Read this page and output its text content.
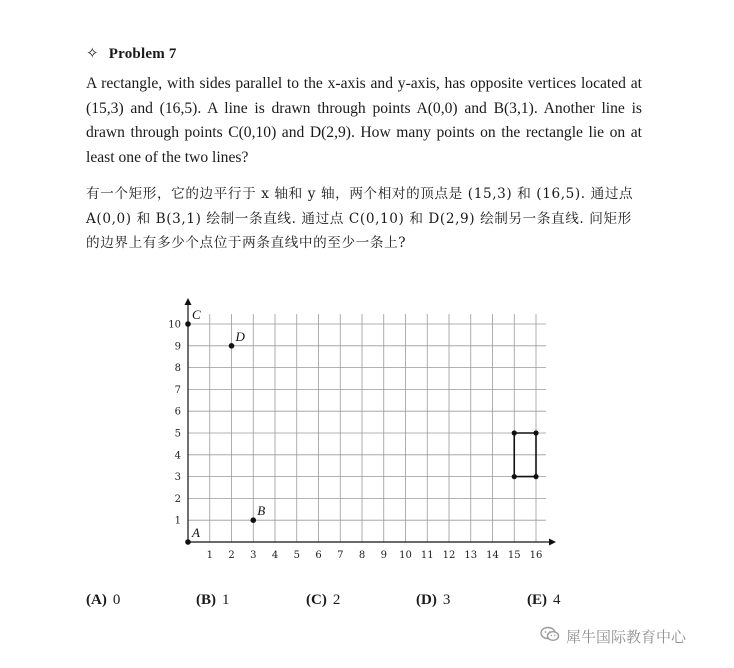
✧ Problem 7
A rectangle, with sides parallel to the x-axis and y-axis, has opposite vertices located at (15,3) and (16,5). A line is drawn through points A(0,0) and B(3,1). Another line is drawn through points C(0,10) and D(2,9). How many points on the rectangle lie on at least one of the two lines?
有一个矩形，它的边平行于 x 轴和 y 轴，两个相对的顶点是 (15,3) 和 (16,5). 通过点 A(0,0) 和 B(3,1) 绘制一条直线. 通过点 C(0,10) 和 D(2,9) 绘制另一条直线. 问矩形的边界上有多少个点位于两条直线中的至少一条上?
1 2 3 4 5 6 7 8 9 10 11 12 13 14 15 16
1
2
3
4
5
6
7
8
9
10
A
B
C
D
(A) 0	(B) 1	(C) 2	(D) 3	(E) 4
犀牛国际教育中心
